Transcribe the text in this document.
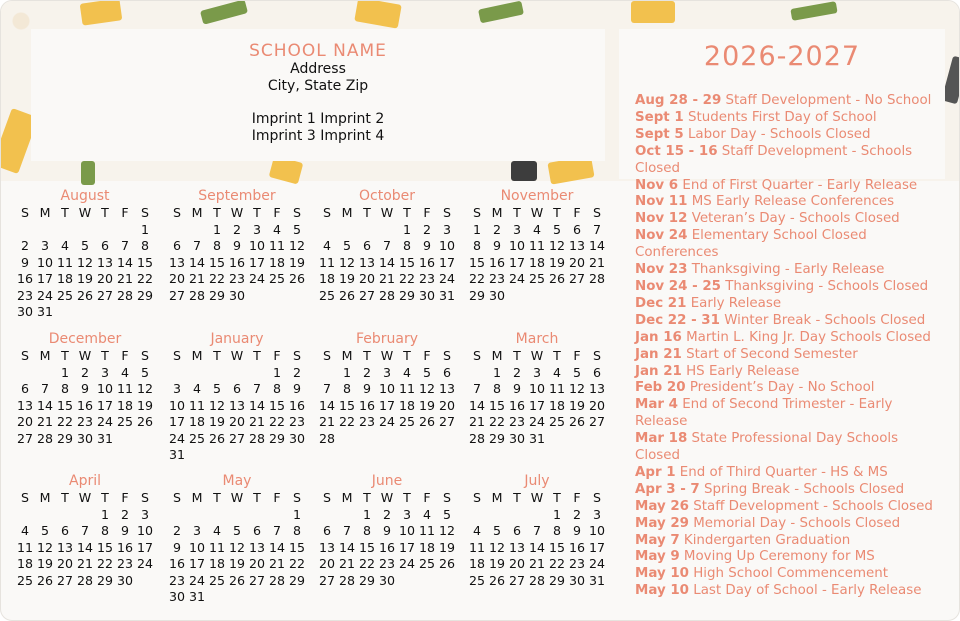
SCHOOL NAME
Address
City, State Zip
Imprint 1 Imprint 2
Imprint 3 Imprint 4
2026-2027
Aug 28 - 29 Staff Development - No School
Sept 1 Students First Day of School
Sept 5 Labor Day - Schools Closed
Oct 15 - 16 Staff Development - Schools Closed
Nov 6 End of First Quarter - Early Release
Nov 11 MS Early Release Conferences
Nov 12 Veteran’s Day - Schools Closed
Nov 24 Elementary School Closed Conferences
Nov 23 Thanksgiving - Early Release
Nov 24 - 25 Thanksgiving - Schools Closed
Dec 21 Early Release
Dec 22 - 31 Winter Break - Schools Closed
Jan 16 Martin L. King Jr. Day Schools Closed
Jan 21 Start of Second Semester
Jan 21 HS Early Release
Feb 20 President’s Day - No School
Mar 4 End of Second Trimester - Early Release
Mar 18 State Professional Day Schools Closed
Apr 1 End of Third Quarter - HS & MS
Apr 3 - 7 Spring Break - Schools Closed
May 26 Staff Development - Schools Closed
May 29 Memorial Day - Schools Closed
May 7 Kindergarten Graduation
May 9 Moving Up Ceremony for MS
May 10 High School Commencement
May 10 Last Day of School - Early Release
August
S M T W T F S
1
2 3 4 5 6 7 8
9 10 11 12 13 14 15
16 17 18 19 20 21 22
23 24 25 26 27 28 29
30 31
September
S M T W T F S
1 2 3 4 5
6 7 8 9 10 11 12
13 14 15 16 17 18 19
20 21 22 23 24 25 26
27 28 29 30
October
S M T W T F S
1 2 3
4 5 6 7 8 9 10
11 12 13 14 15 16 17
18 19 20 21 22 23 24
25 26 27 28 29 30 31
November
S M T W T F S
1 2 3 4 5 6 7
8 9 10 11 12 13 14
15 16 17 18 19 20 21
22 23 24 25 26 27 28
29 30
December
S M T W T F S
1 2 3 4 5
6 7 8 9 10 11 12
13 14 15 16 17 18 19
20 21 22 23 24 25 26
27 28 29 30 31
January
S M T W T F S
1 2
3 4 5 6 7 8 9
10 11 12 13 14 15 16
17 18 19 20 21 22 23
24 25 26 27 28 29 30
31
February
S M T W T F S
1 2 3 4 5 6
7 8 9 10 11 12 13
14 15 16 17 18 19 20
21 22 23 24 25 26 27
28
March
S M T W T F S
1 2 3 4 5 6
7 8 9 10 11 12 13
14 15 16 17 18 19 20
21 22 23 24 25 26 27
28 29 30 31
April
S M T W T F S
1 2 3
4 5 6 7 8 9 10
11 12 13 14 15 16 17
18 19 20 21 22 23 24
25 26 27 28 29 30
May
S M T W T F S
1
2 3 4 5 6 7 8
9 10 11 12 13 14 15
16 17 18 19 20 21 22
23 24 25 26 27 28 29
30 31
June
S M T W T F S
1 2 3 4 5
6 7 8 9 10 11 12
13 14 15 16 17 18 19
20 21 22 23 24 25 26
27 28 29 30
July
S M T W T F S
1 2 3
4 5 6 7 8 9 10
11 12 13 14 15 16 17
18 19 20 21 22 23 24
25 26 27 28 29 30 31
